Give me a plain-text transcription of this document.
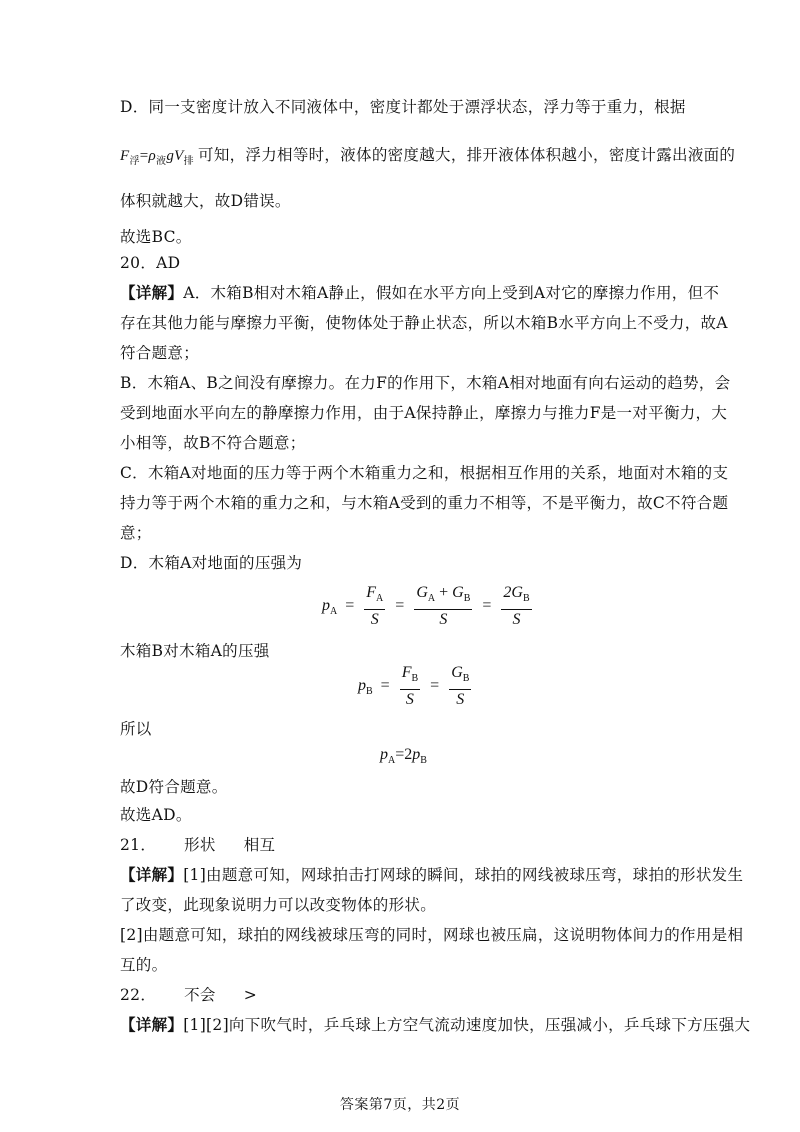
D．同一支密度计放入不同液体中，密度计都处于漂浮状态，浮力等于重力，根据
$F_浮=\rho_液gV_排$ 可知，浮力相等时，液体的密度越大，排开液体体积越小，密度计露出液面的
体积就越大，故D错误。
故选BC。
20．AD
【详解】A．木箱B相对木箱A静止，假如在水平方向上受到A对它的摩擦力作用，但不
存在其他力能与摩擦力平衡，使物体处于静止状态，所以木箱B水平方向上不受力，故A
符合题意；
B．木箱A、B之间没有摩擦力。在力F的作用下，木箱A相对地面有向右运动的趋势，会
受到地面水平向左的静摩擦力作用，由于A保持静止，摩擦力与推力F是一对平衡力，大
小相等，故B不符合题意；
C．木箱A对地面的压力等于两个木箱重力之和，根据相互作用的关系，地面对木箱的支
持力等于两个木箱的重力之和，与木箱A受到的重力不相等，不是平衡力，故C不符合题
意；
D．木箱A对地面的压强为
$p_A = \frac{F_A}{S} = \frac{G_A + G_B}{S} = \frac{2G_B}{S}$
木箱B对木箱A的压强
$p_B = \frac{F_B}{S} = \frac{G_B}{S}$
所以
$p_A=2p_B$
故D符合题意。
故选AD。
21． 形状 相互
【详解】[1]由题意可知，网球拍击打网球的瞬间，球拍的网线被球压弯，球拍的形状发生
了改变，此现象说明力可以改变物体的形状。
[2]由题意可知，球拍的网线被球压弯的同时，网球也被压扁，这说明物体间力的作用是相
互的。
22． 不会 >
【详解】[1][2]向下吹气时，乒乓球上方空气流动速度加快，压强减小，乒乓球下方压强大
答案第7页，共2页
